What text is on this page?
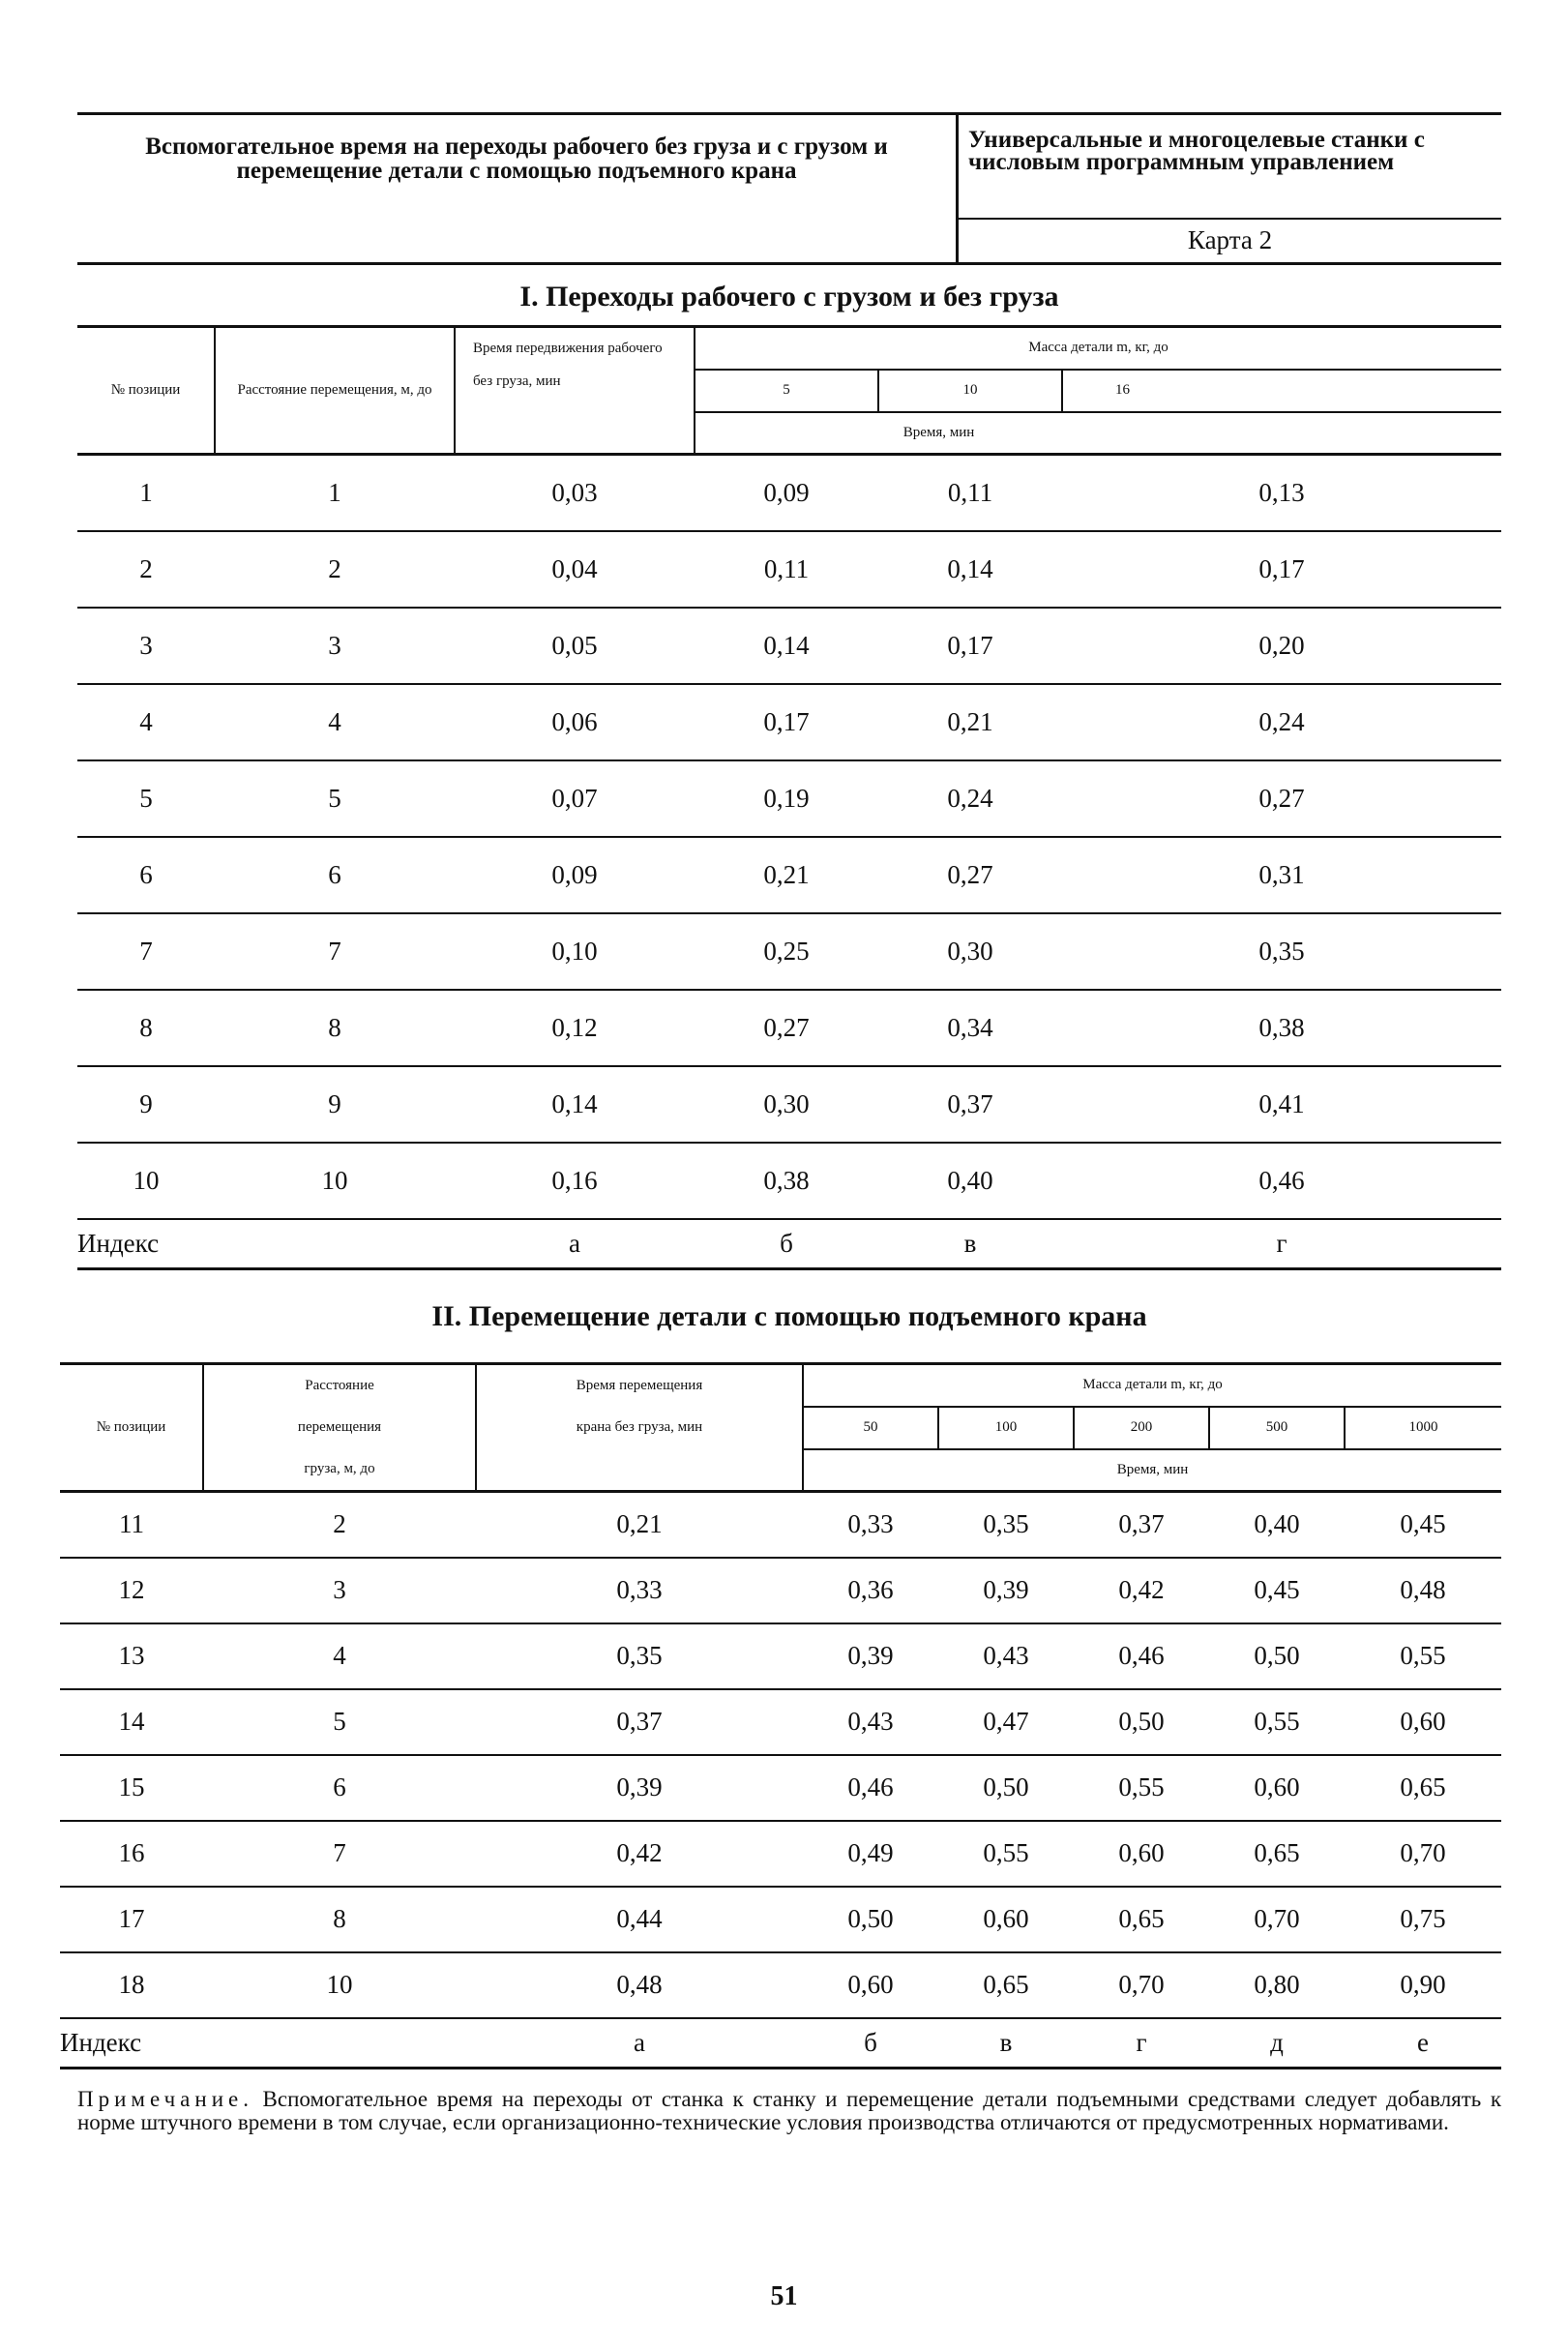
Вспомогательное время на переходы рабочего без груза и с грузом и перемещение детали с помощью подъемного крана
Универсальные и многоцелевые станки с числовым программным управлением
Карта 2
I. Переходы рабочего с грузом и без груза
№ позиции	Расстояние перемещения, м, до	Время передвижения рабочего	Масса детали m, кг, до		
		без груза, мин	5	10	16
			Время, мин		
1	1	0,03	0,09	0,11	0,13
2	2	0,04	0,11	0,14	0,17
3	3	0,05	0,14	0,17	0,20
4	4	0,06	0,17	0,21	0,24
5	5	0,07	0,19	0,24	0,27
6	6	0,09	0,21	0,27	0,31
7	7	0,10	0,25	0,30	0,35
8	8	0,12	0,27	0,34	0,38
9	9	0,14	0,30	0,37	0,41
10	10	0,16	0,38	0,40	0,46
Индекс		а	б	в	г
II. Перемещение детали с помощью подъемного крана
№ позиции	Расстояние	Время перемещения	Масса детали m, кг, до				
	перемещения	крана без груза, мин	50	100	200	500	1000
	груза, м, до		Время, мин				
11	2	0,21	0,33	0,35	0,37	0,40	0,45
12	3	0,33	0,36	0,39	0,42	0,45	0,48
13	4	0,35	0,39	0,43	0,46	0,50	0,55
14	5	0,37	0,43	0,47	0,50	0,55	0,60
15	6	0,39	0,46	0,50	0,55	0,60	0,65
16	7	0,42	0,49	0,55	0,60	0,65	0,70
17	8	0,44	0,50	0,60	0,65	0,70	0,75
18	10	0,48	0,60	0,65	0,70	0,80	0,90
Индекс		а	б	в	г	д	е
Примечание. Вспомогательное время на переходы от станка к станку и перемещение детали подъемными средствами следует добавлять к норме штучного времени в том случае, если организационно-технические условия производства отличаются от предусмотренных нормативами.
51
